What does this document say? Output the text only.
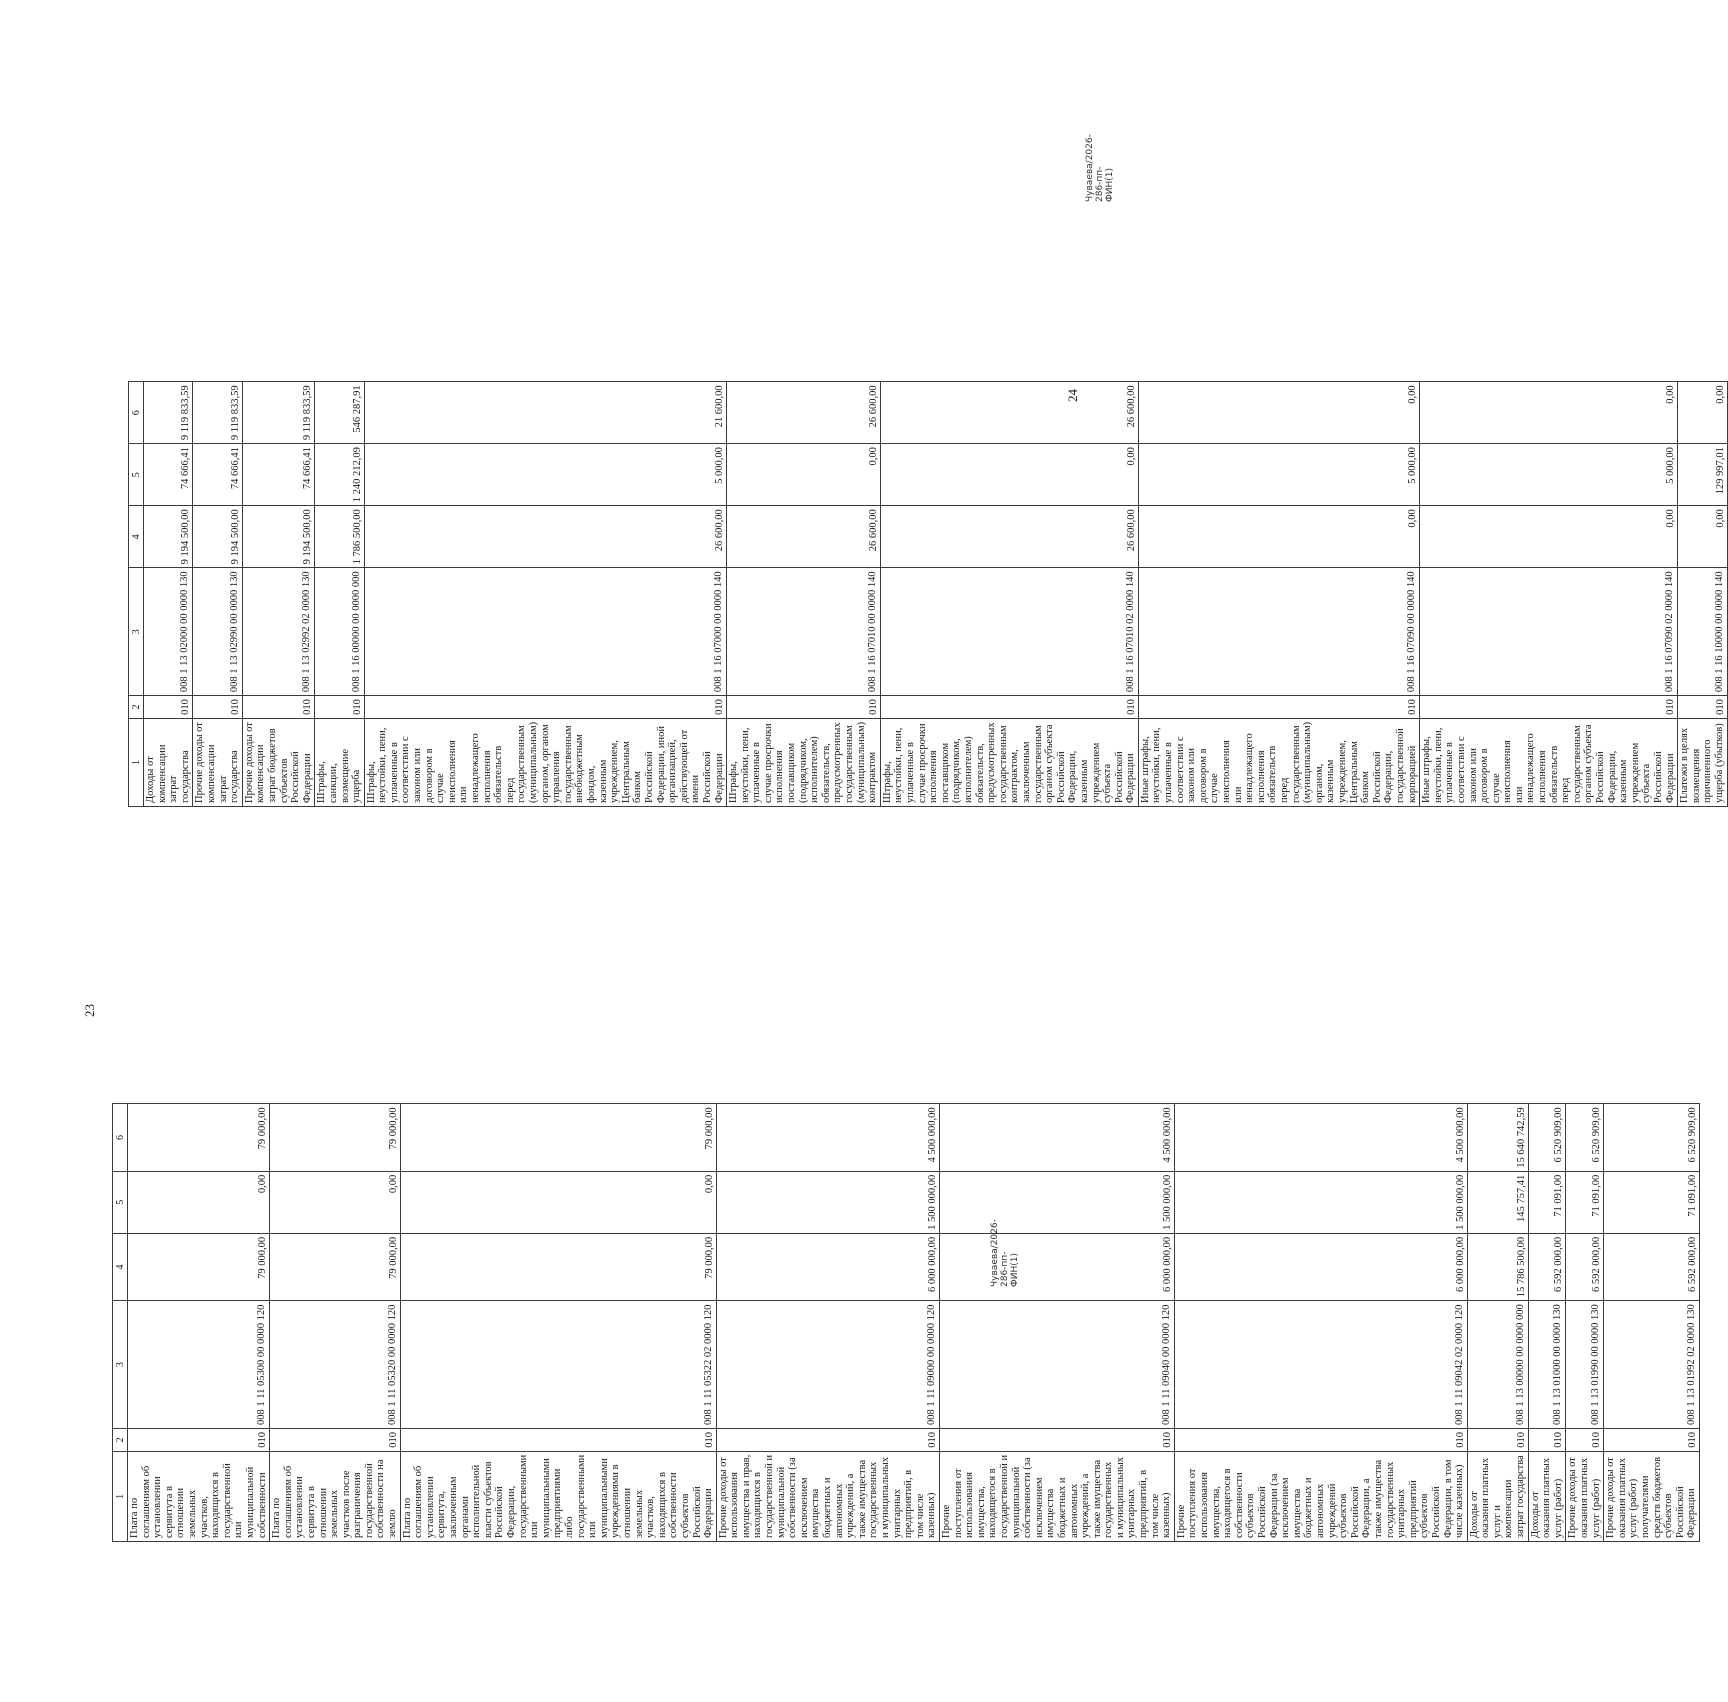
23
1	2	3	4	5	6
Плата по соглашениям об установлении сервитута в отношении земельных участков, находящихся в государственной или муниципальной собственности	010	008 1 11 05300 00 0000 120	79 000,00	0,00	79 000,00
Плата по соглашениям об установлении сервитута в отношении земельных участков после разграничения государственной собственности на землю	010	008 1 11 05320 00 0000 120	79 000,00	0,00	79 000,00
Плата по соглашениям об установлении сервитута, заключенным органами исполнительной власти субъектов Российской Федерации, государственными или муниципальными предприятиями либо государственными или муниципальными учреждениями в отношении земельных участков, находящихся в собственности субъектов Российской Федерации	010	008 1 11 05322 02 0000 120	79 000,00	0,00	79 000,00
Прочие доходы от использования имущества и прав, находящихся в государственной и муниципальной собственности (за исключением имущества бюджетных и автономных учреждений, а также имущества государственных и муниципальных унитарных предприятий, в том числе казенных)	010	008 1 11 09000 00 0000 120	6 000 000,00	1 500 000,00	4 500 000,00
Прочие поступления от использования имущества, находящегося в государственной и муниципальной собственности (за исключением имущества бюджетных и автономных учреждений, а также имущества государственных и муниципальных унитарных предприятий, в том числе казенных)	010	008 1 11 09040 00 0000 120	6 000 000,00	1 500 000,00	4 500 000,00
Прочие поступления от использования имущества, находящегося в собственности субъектов Российской Федерации (за исключением имущества бюджетных и автономных учреждений субъектов Российской Федерации, а также имущества государственных унитарных предприятий субъектов Российской Федерации, в том числе казенных)	010	008 1 11 09042 02 0000 120	6 000 000,00	1 500 000,00	4 500 000,00
Доходы от оказания платных услуг и компенсации затрат государства	010	008 1 13 00000 00 0000 000	15 786 500,00	145 757,41	15 640 742,59
Доходы от оказания платных услуг (работ)	010	008 1 13 01000 00 0000 130	6 592 000,00	71 091,00	6 520 909,00
Прочие доходы от оказания платных услуг (работ)	010	008 1 13 01990 00 0000 130	6 592 000,00	71 091,00	6 520 909,00
Прочие доходы от оказания платных услуг (работ) получателями средств бюджетов субъектов Российской Федерации	010	008 1 13 01992 02 0000 130	6 592 000,00	71 091,00	6 520 909,00
Чуваева/2026-286-пп-ФИН(1)
24
1	2	3	4	5	6
Доходы от компенсации затрат государства	010	008 1 13 02000 00 0000 130	9 194 500,00	74 666,41	9 119 833,59
Прочие доходы от компенсации затрат государства	010	008 1 13 02990 00 0000 130	9 194 500,00	74 666,41	9 119 833,59
Прочие доходы от компенсации затрат бюджетов субъектов Российской Федерации	010	008 1 13 02992 02 0000 130	9 194 500,00	74 666,41	9 119 833,59
Штрафы, санкции, возмещение ущерба	010	008 1 16 00000 00 0000 000	1 786 500,00	1 240 212,09	546 287,91
Штрафы, неустойки, пени, уплаченные в соответствии с законом или договором в случае неисполнения или ненадлежащего исполнения обязательств перед государственным (муниципальным) органом, органом управления государственным внебюджетным фондом, казенным учреждением, Центральным банком Российской Федерации, иной организацией, действующей от имени Российской Федерации	010	008 1 16 07000 00 0000 140	26 600,00	5 000,00	21 600,00
Штрафы, неустойки, пени, уплаченные в случае просрочки исполнения поставщиком (подрядчиком, исполнителем) обязательств, предусмотренных государственным (муниципальным) контрактом	010	008 1 16 07010 00 0000 140	26 600,00	0,00	26 600,00
Штрафы, неустойки, пени, уплаченные в случае просрочки исполнения поставщиком (подрядчиком, исполнителем) обязательств, предусмотренных государственным контрактом, заключенным государственным органом субъекта Российской Федерации, казенным учреждением субъекта Российской Федерации	010	008 1 16 07010 02 0000 140	26 600,00	0,00	26 600,00
Иные штрафы, неустойки, пени, уплаченные в соответствии с законом или договором в случае неисполнения или ненадлежащего исполнения обязательств перед государственным (муниципальным) органом, казенным учреждением, Центральным банком Российской Федерации, государственной корпорацией	010	008 1 16 07090 00 0000 140	0,00	5 000,00	0,00
Иные штрафы, неустойки, пени, уплаченные в соответствии с законом или договором в случае неисполнения или ненадлежащего исполнения обязательств перед государственным органом субъекта Российской Федерации, казенным учреждением субъекта Российской Федерации	010	008 1 16 07090 02 0000 140	0,00	5 000,00	0,00
Платежи в целях возмещения причиненного ущерба (убытков)	010	008 1 16 10000 00 0000 140	0,00	129 997,01	0,00
Чуваева/2026-286-пп-ФИН(1)
